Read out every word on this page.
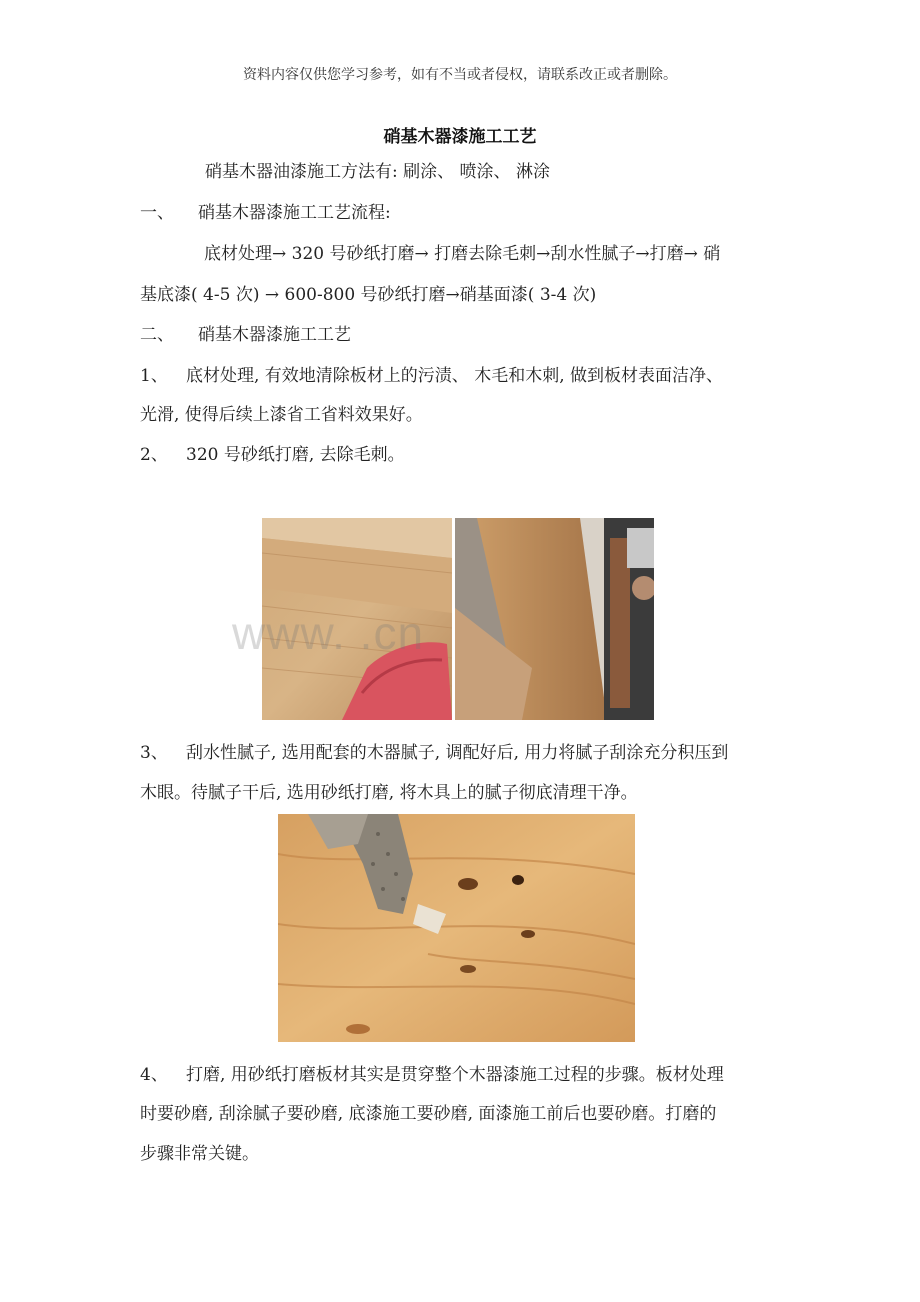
资料内容仅供您学习参考，如有不当或者侵权，请联系改正或者删除。
硝基木器漆施工工艺
硝基木器油漆施工方法有: 刷涂、 喷涂、 淋涂
一、 硝基木器漆施工工艺流程:
底材处理→ 320 号砂纸打磨→ 打磨去除毛刺→刮水性腻子→打磨→ 硝
基底漆( 4-5 次) → 600-800 号砂纸打磨→硝基面漆( 3-4 次)
二、 硝基木器漆施工工艺
1、 底材处理, 有效地清除板材上的污渍、 木毛和木刺, 做到板材表面洁净、
光滑, 使得后续上漆省工省料效果好。
2、 320 号砂纸打磨, 去除毛刺。
www. .cn
3、 刮水性腻子, 选用配套的木器腻子, 调配好后, 用力将腻子刮涂充分积压到
木眼。待腻子干后, 选用砂纸打磨, 将木具上的腻子彻底清理干净。
4、 打磨, 用砂纸打磨板材其实是贯穿整个木器漆施工过程的步骤。板材处理
时要砂磨, 刮涂腻子要砂磨, 底漆施工要砂磨, 面漆施工前后也要砂磨。打磨的
步骤非常关键。
